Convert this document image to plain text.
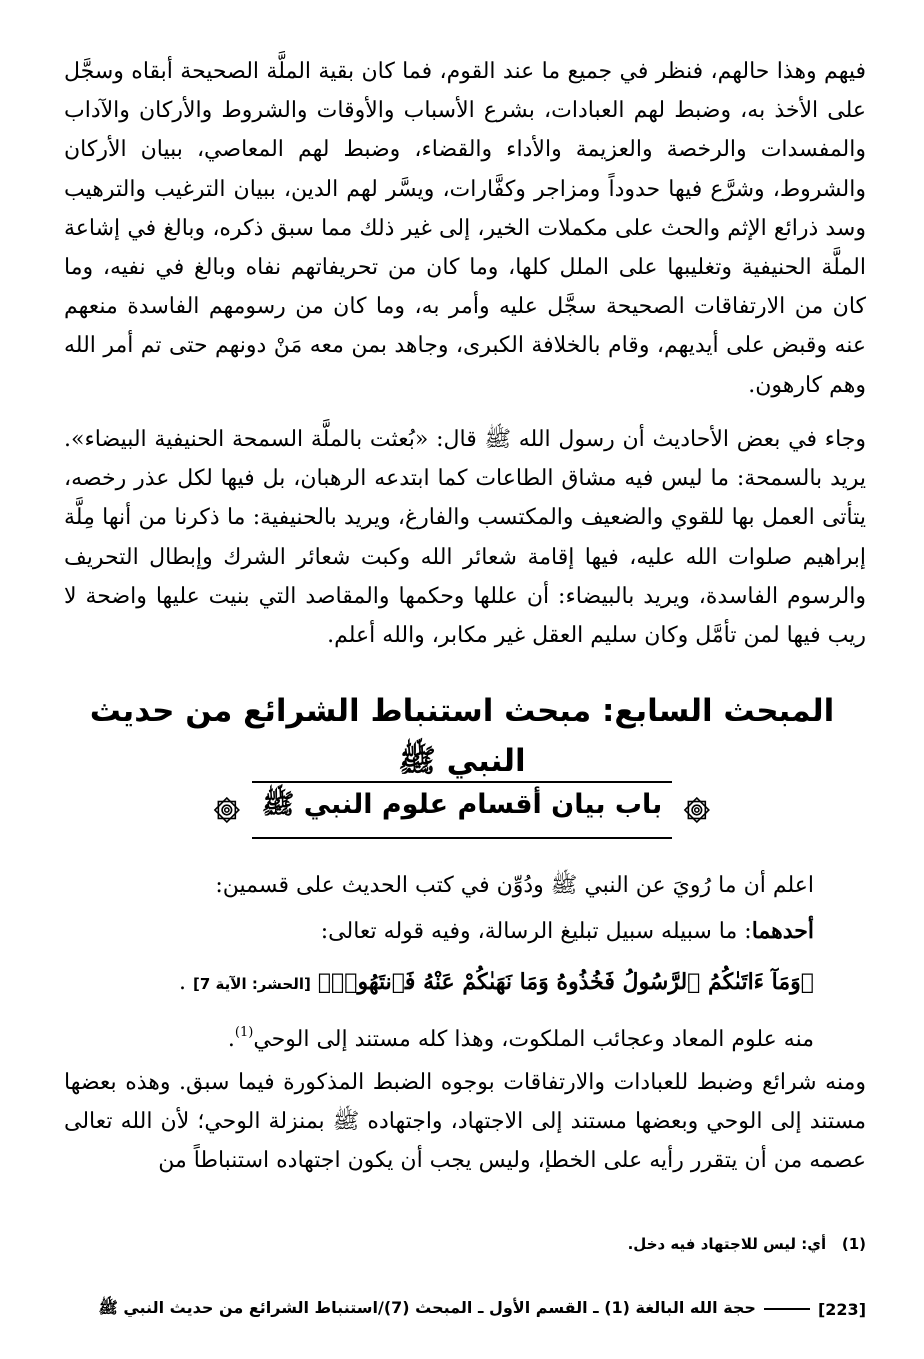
فيهم وهذا حالهم، فنظر في جميع ما عند القوم، فما كان بقية الملَّة الصحيحة أبقاه وسجَّل على الأخذ به، وضبط لهم العبادات، بشرع الأسباب والأوقات والشروط والأركان والآداب والمفسدات والرخصة والعزيمة والأداء والقضاء، وضبط لهم المعاصي، ببيان الأركان والشروط، وشرَّع فيها حدوداً ومزاجر وكفَّارات، ويسَّر لهم الدين، ببيان الترغيب والترهيب وسد ذرائع الإثم والحث على مكملات الخير، إلى غير ذلك مما سبق ذكره، وبالغ في إشاعة الملَّة الحنيفية وتغليبها على الملل كلها، وما كان من تحريفاتهم نفاه وبالغ في نفيه، وما كان من الارتفاقات الصحيحة سجَّل عليه وأمر به، وما كان من رسومهم الفاسدة منعهم عنه وقبض على أيديهم، وقام بالخلافة الكبرى، وجاهد بمن معه مَنْ دونهم حتى تم أمر الله وهم كارهون.

وجاء في بعض الأحاديث أن رسول الله ﷺ قال: «بُعثت بالملَّة السمحة الحنيفية البيضاء». يريد بالسمحة: ما ليس فيه مشاق الطاعات كما ابتدعه الرهبان، بل فيها لكل عذر رخصه، يتأتى العمل بها للقوي والضعيف والمكتسب والفارغ، ويريد بالحنيفية: ما ذكرنا من أنها مِلَّة إبراهيم صلوات الله عليه، فيها إقامة شعائر الله وكبت شعائر الشرك وإبطال التحريف والرسوم الفاسدة، ويريد بالبيضاء: أن عللها وحكمها والمقاصد التي بنيت عليها واضحة لا ريب فيها لمن تأمَّل وكان سليم العقل غير مكابر، والله أعلم.

المبحث السابع: مبحث استنباط الشرائع من حديث النبي ﷺ
باب بيان أقسام علوم النبي ﷺ

اعلم أن ما رُويَ عن النبي ﷺ ودُوِّن في كتب الحديث على قسمين:

أحدهما: ما سبيله سبيل تبليغ الرسالة، وفيه قوله تعالى:

﴿وَمَآ ءَاتَىٰكُمُ ٱلرَّسُولُ فَخُذُوهُ وَمَا نَهَىٰكُمْ عَنْهُ فَٱنتَهُوا۟﴾ [الحشر: الآية 7] .

منه علوم المعاد وعجائب الملكوت، وهذا كله مستند إلى الوحي$^{(1)}$.

ومنه شرائع وضبط للعبادات والارتفاقات بوجوه الضبط المذكورة فيما سبق. وهذه بعضها مستند إلى الوحي وبعضها مستند إلى الاجتهاد، واجتهاده ﷺ بمنزلة الوحي؛ لأن الله تعالى عصمه من أن يتقرر رأيه على الخطإ، وليس يجب أن يكون اجتهاده استنباطاً من

(1)   أي: ليس للاجتهاد فيه دخل.

[223]
حجة الله البالغة (1) ـ القسم الأول ـ المبحث (7)/استنباط الشرائع من حديث النبي ﷺ
